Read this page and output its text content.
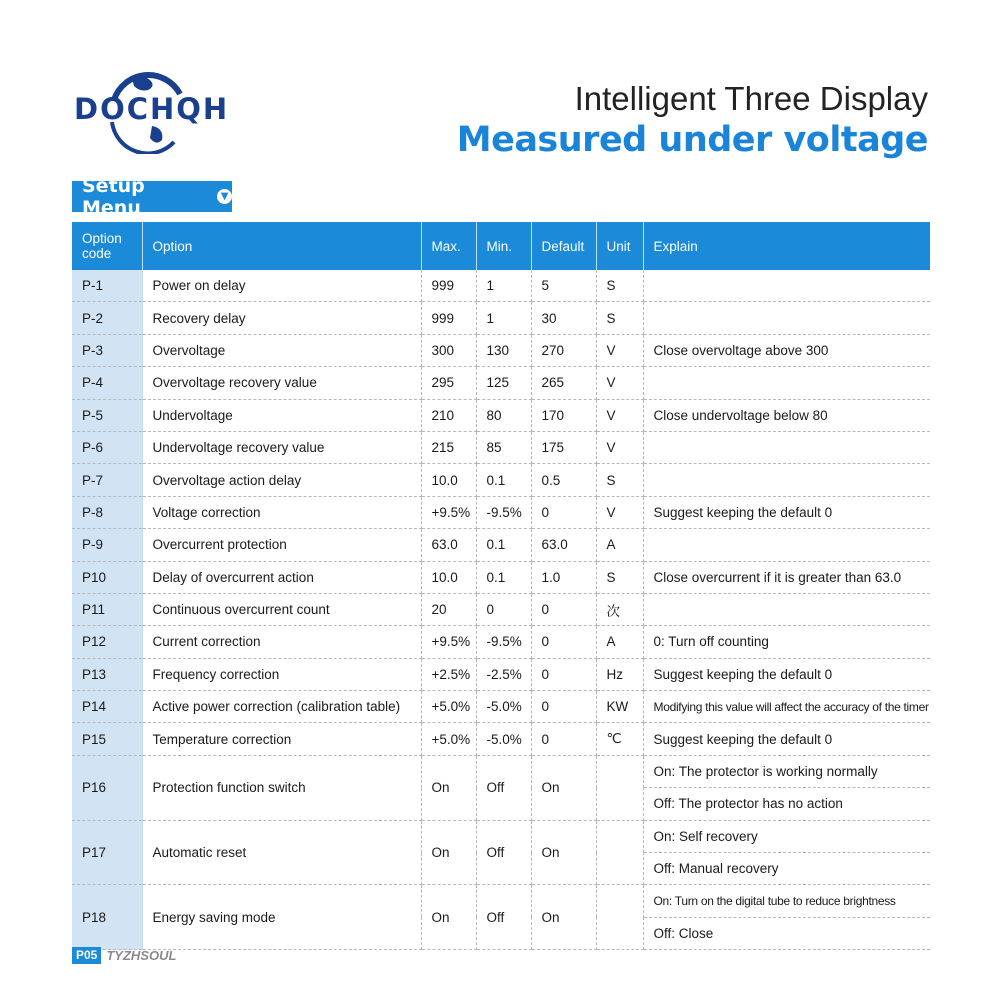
DOCHQH	Intelligent Three Display
Measured under voltage
Setup Menu
▼
Option code	Option	Max.	Min.	Default	Unit	Explain
P-1	Power on delay	999	1	5	S	
P-2	Recovery delay	999	1	30	S	
P-3	Overvoltage	300	130	270	V	Close overvoltage above 300
P-4	Overvoltage recovery value	295	125	265	V	
P-5	Undervoltage	210	80	170	V	Close undervoltage below 80
P-6	Undervoltage recovery value	215	85	175	V	
P-7	Overvoltage action delay	10.0	0.1	0.5	S	
P-8	Voltage correction	+9.5%	-9.5%	0	V	Suggest keeping the default 0
P-9	Overcurrent protection	63.0	0.1	63.0	A	
P10	Delay of overcurrent action	10.0	0.1	1.0	S	Close overcurrent if it is greater than 63.0
P11	Continuous overcurrent count	20	0	0	次	
P12	Current correction	+9.5%	-9.5%	0	A	0: Turn off counting
P13	Frequency correction	+2.5%	-2.5%	0	Hz	Suggest keeping the default 0
P14	Active power correction (calibration table)	+5.0%	-5.0%	0	KW	Modifying this value will affect the accuracy of the timer
P15	Temperature correction	+5.0%	-5.0%	0	℃	Suggest keeping the default 0
P16	Protection function switch	On	Off	On		On: The protector is working normally
						Off: The protector has no action
P17	Automatic reset	On	Off	On		On: Self recovery
						Off: Manual recovery
P18	Energy saving mode	On	Off	On		On: Turn on the digital tube to reduce brightness
						Off: Close
P05 TYZHSOUL
